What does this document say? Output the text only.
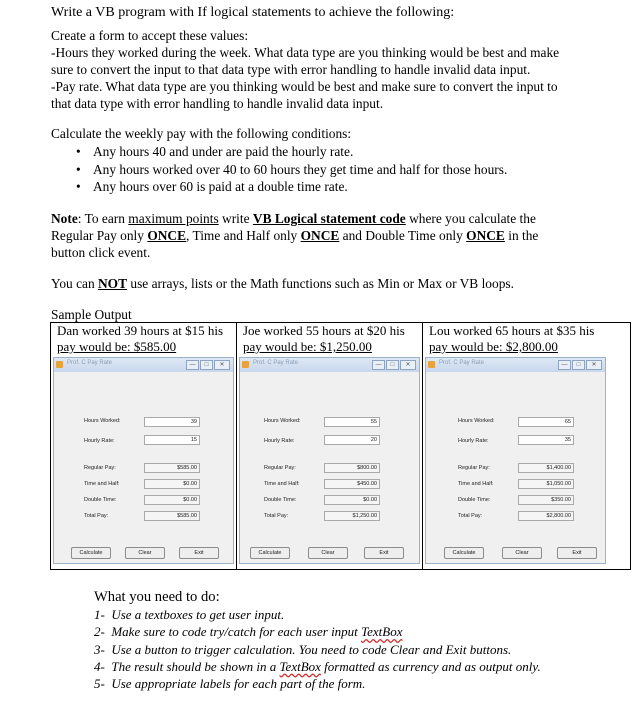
Write a VB program with If logical statements to achieve the following:
Create a form to accept these values:
-Hours they worked during the week. What data type are you thinking would be best and make
sure to convert the input to that data type with error handling to handle invalid data input.
-Pay rate. What data type are you thinking would be best and make sure to convert the input to
that data type with error handling to handle invalid data input.
Calculate the weekly pay with the following conditions:
• Any hours 40 and under are paid the hourly rate.
• Any hours worked over 40 to 60 hours they get time and half for those hours.
• Any hours over 60 is paid at a double time rate.
Note: To earn maximum points write VB Logical statement code where you calculate the
Regular Pay only ONCE, Time and Half only ONCE and Double Time only ONCE in the
button click event.
You can NOT use arrays, lists or the Math functions such as Min or Max or VB loops.
Sample Output
Dan worked 39 hours at $15 his
pay would be: $585.00
Prof. C Pay Rate	—	□	✕
Hours Worked:	39
Hourly Rate:	15
Regular Pay:	$585.00
Time and Half:	$0.00
Double Time:	$0.00
Total Pay:	$585.00
Calculate	Clear	Exit
Joe worked 55 hours at $20 his
pay would be: $1,250.00
Prof. C Pay Rate	—	□	✕
Hours Worked:	55
Hourly Rate:	20
Regular Pay:	$800.00
Time and Half:	$450.00
Double Time:	$0.00
Total Pay:	$1,250.00
Calculate	Clear	Exit
Lou worked 65 hours at $35 his
pay would be: $2,800.00
Prof. C Pay Rate	—	□	✕
Hours Worked:	65
Hourly Rate:	35
Regular Pay:	$1,400.00
Time and Half:	$1,050.00
Double Time:	$350.00
Total Pay:	$2,800.00
Calculate	Clear	Exit
What you need to do:
1- Use a textboxes to get user input.
2- Make sure to code try/catch for each user input TextBox
3- Use a button to trigger calculation. You need to code Clear and Exit buttons.
4- The result should be shown in a TextBox formatted as currency and as output only.
5- Use appropriate labels for each part of the form.
